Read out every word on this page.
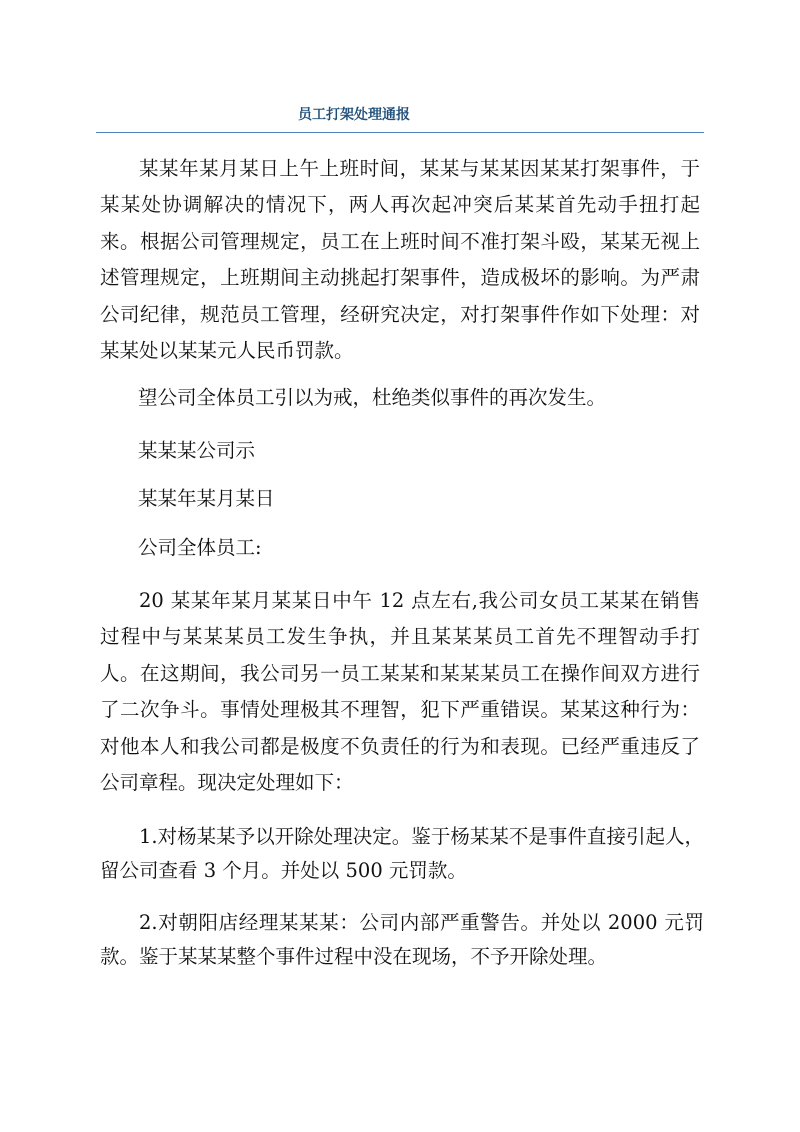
员工打架处理通报

某某年某月某日上午上班时间，某某与某某因某某打架事件，于某某处协调解决的情况下，两人再次起冲突后某某首先动手扭打起来。根据公司管理规定，员工在上班时间不准打架斗殴，某某无视上述管理规定，上班期间主动挑起打架事件，造成极坏的影响。为严肃公司纪律，规范员工管理，经研究决定，对打架事件作如下处理：对某某处以某某元人民币罚款。

望公司全体员工引以为戒，杜绝类似事件的再次发生。

某某某公司示

某某年某月某日

公司全体员工:

20 某某年某月某某日中午 12 点左右,我公司女员工某某在销售过程中与某某某员工发生争执，并且某某某员工首先不理智动手打人。在这期间，我公司另一员工某某和某某某员工在操作间双方进行了二次争斗。事情处理极其不理智，犯下严重错误。某某这种行为：对他本人和我公司都是极度不负责任的行为和表现。已经严重违反了公司章程。现决定处理如下：

1.对杨某某予以开除处理决定。鉴于杨某某不是事件直接引起人，留公司查看 3 个月。并处以 500 元罚款。

2.对朝阳店经理某某某：公司内部严重警告。并处以 2000 元罚款。鉴于某某某整个事件过程中没在现场，不予开除处理。
